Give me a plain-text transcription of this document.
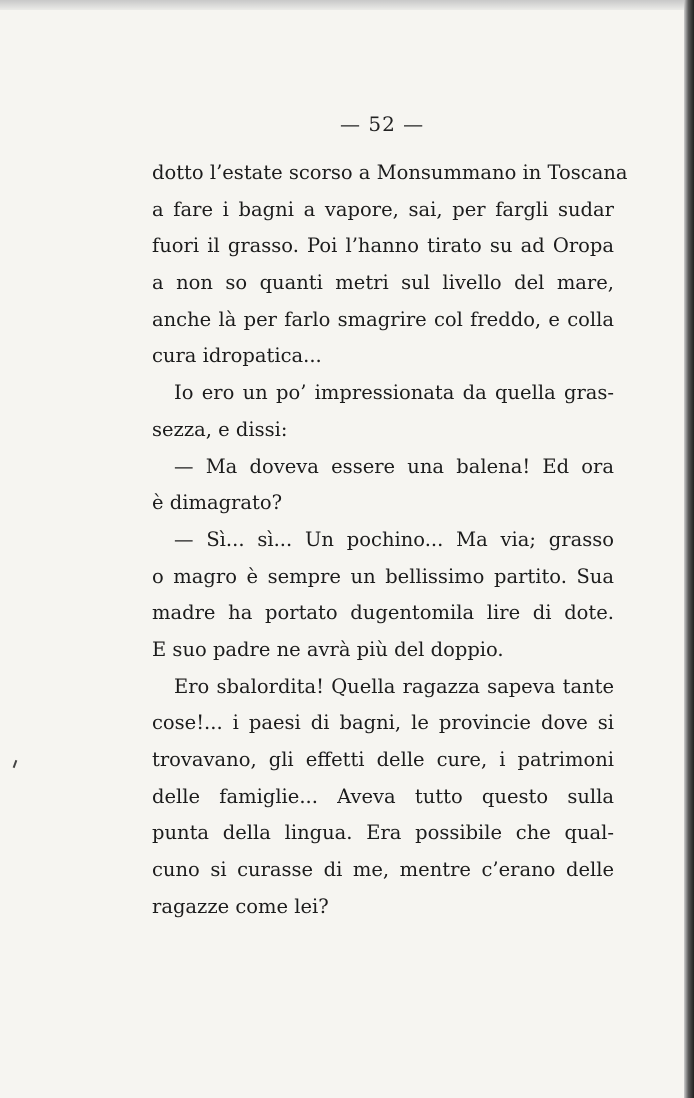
— 52 —
dotto l’estate scorso a Monsummano in Toscana
a fare i bagni a vapore, sai, per fargli sudar
fuori il grasso. Poi l’hanno tirato su ad Oropa
a non so quanti metri sul livello del mare,
anche là per farlo smagrire col freddo, e colla
cura idropatica...
Io ero un po’ impressionata da quella gras-
sezza, e dissi:
— Ma doveva essere una balena! Ed ora
è dimagrato?
— Sì... sì... Un pochino... Ma via; grasso
o magro è sempre un bellissimo partito. Sua
madre ha portato dugentomila lire di dote.
E suo padre ne avrà più del doppio.
Ero sbalordita! Quella ragazza sapeva tante
cose!... i paesi di bagni, le provincie dove si
trovavano, gli effetti delle cure, i patrimoni
delle famiglie... Aveva tutto questo sulla
punta della lingua. Era possibile che qual-
cuno si curasse di me, mentre c’erano delle
ragazze come lei?
